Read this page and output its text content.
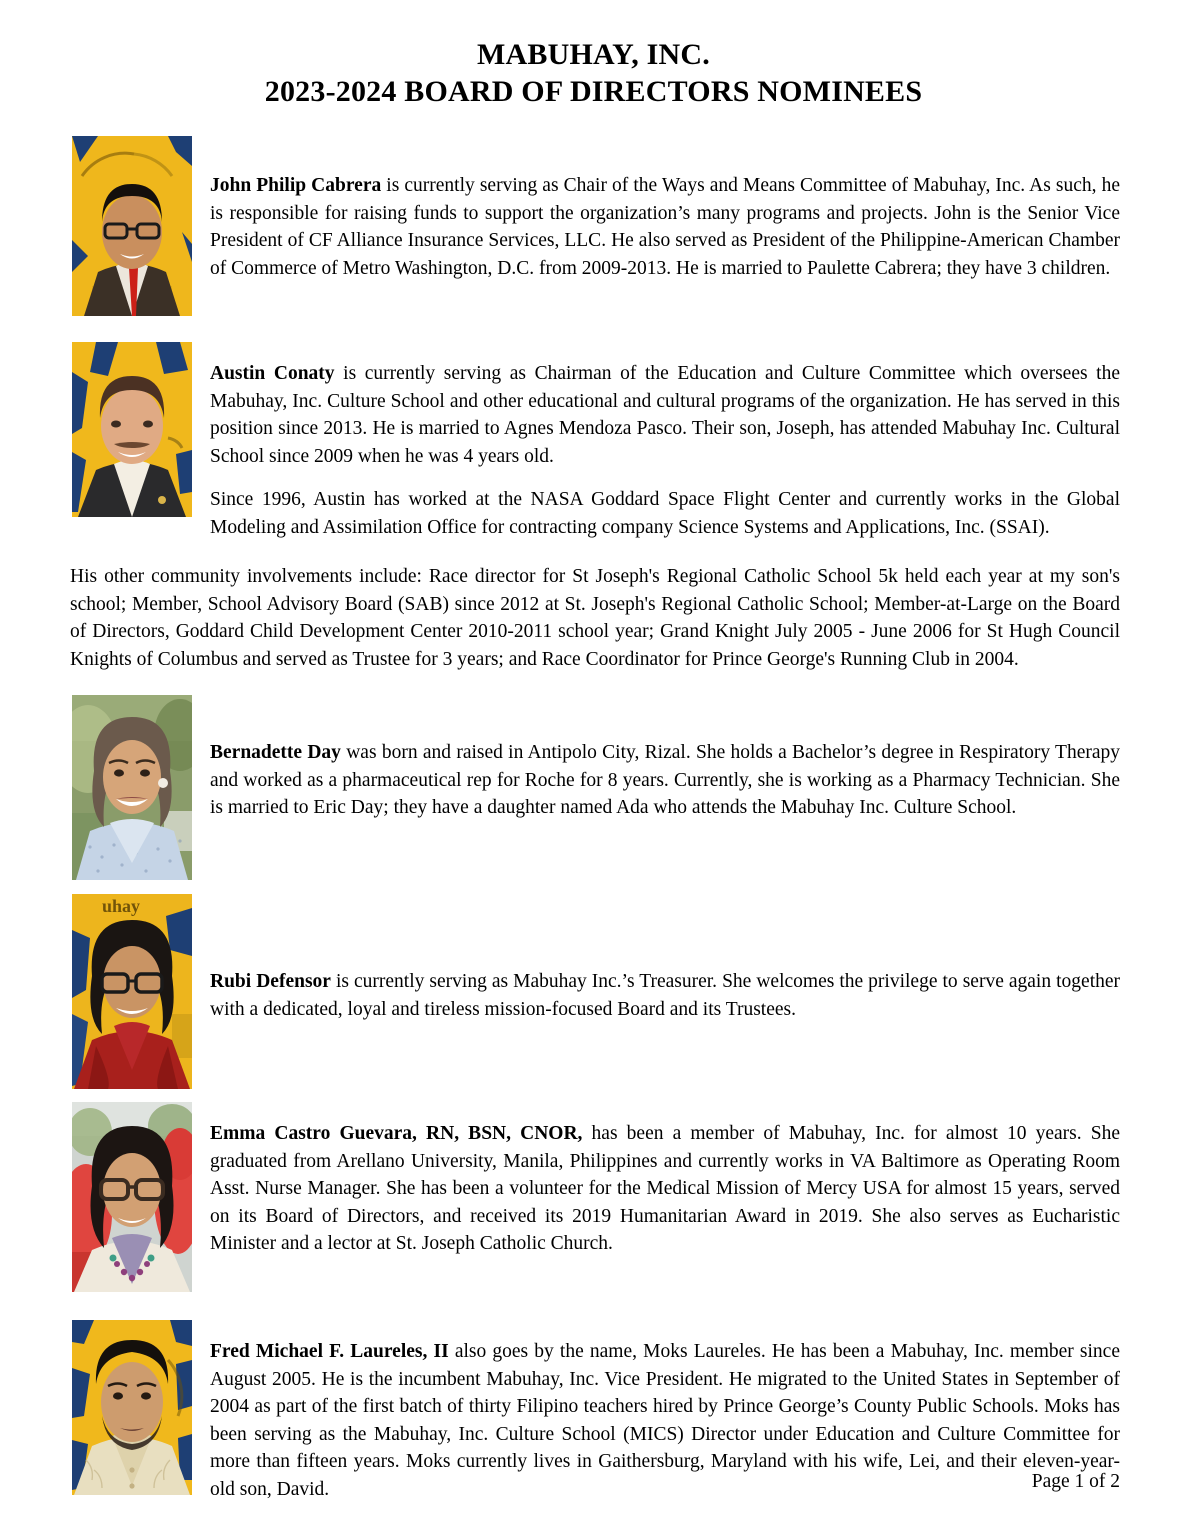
MABUHAY, INC.
2023-2024 BOARD OF DIRECTORS NOMINEES

John Philip Cabrera is currently serving as Chair of the Ways and Means Committee of Mabuhay, Inc. As such, he is responsible for raising funds to support the organization’s many programs and projects. John is the Senior Vice President of CF Alliance Insurance Services, LLC. He also served as President of the Philippine-American Chamber of Commerce of Metro Washington, D.C. from 2009-2013. He is married to Paulette Cabrera; they have 3 children.

Austin Conaty is currently serving as Chairman of the Education and Culture Committee which oversees the Mabuhay, Inc. Culture School and other educational and cultural programs of the organization. He has served in this position since 2013. He is married to Agnes Mendoza Pasco. Their son, Joseph, has attended Mabuhay Inc. Cultural School since 2009 when he was 4 years old.

Since 1996, Austin has worked at the NASA Goddard Space Flight Center and currently works in the Global Modeling and Assimilation Office for contracting company Science Systems and Applications, Inc. (SSAI).

His other community involvements include: Race director for St Joseph's Regional Catholic School 5k held each year at my son's school; Member, School Advisory Board (SAB) since 2012 at St. Joseph's Regional Catholic School; Member-at-Large on the Board of Directors, Goddard Child Development Center 2010-2011 school year; Grand Knight July 2005 - June 2006 for St Hugh Council Knights of Columbus and served as Trustee for 3 years; and Race Coordinator for Prince George's Running Club in 2004.

Bernadette Day was born and raised in Antipolo City, Rizal. She holds a Bachelor’s degree in Respiratory Therapy and worked as a pharmaceutical rep for Roche for 8 years. Currently, she is working as a Pharmacy Technician. She is married to Eric Day; they have a daughter named Ada who attends the Mabuhay Inc. Culture School.

uhay

Rubi Defensor is currently serving as Mabuhay Inc.’s Treasurer. She welcomes the privilege to serve again together with a dedicated, loyal and tireless mission-focused Board and its Trustees.

Emma Castro Guevara, RN, BSN, CNOR, has been a member of Mabuhay, Inc. for almost 10 years. She graduated from Arellano University, Manila, Philippines and currently works in VA Baltimore as Operating Room Asst. Nurse Manager. She has been a volunteer for the Medical Mission of Mercy USA for almost 15 years, served on its Board of Directors, and received its 2019 Humanitarian Award in 2019. She also serves as Eucharistic Minister and a lector at St. Joseph Catholic Church.

Fred Michael F. Laureles, II also goes by the name, Moks Laureles. He has been a Mabuhay, Inc. member since August 2005. He is the incumbent Mabuhay, Inc. Vice President. He migrated to the United States in September of 2004 as part of the first batch of thirty Filipino teachers hired by Prince George’s County Public Schools. Moks has been serving as the Mabuhay, Inc. Culture School (MICS) Director under Education and Culture Committee for more than fifteen years. Moks currently lives in Gaithersburg, Maryland with his wife, Lei, and their eleven-year-old son, David.	Page 1 of 2
